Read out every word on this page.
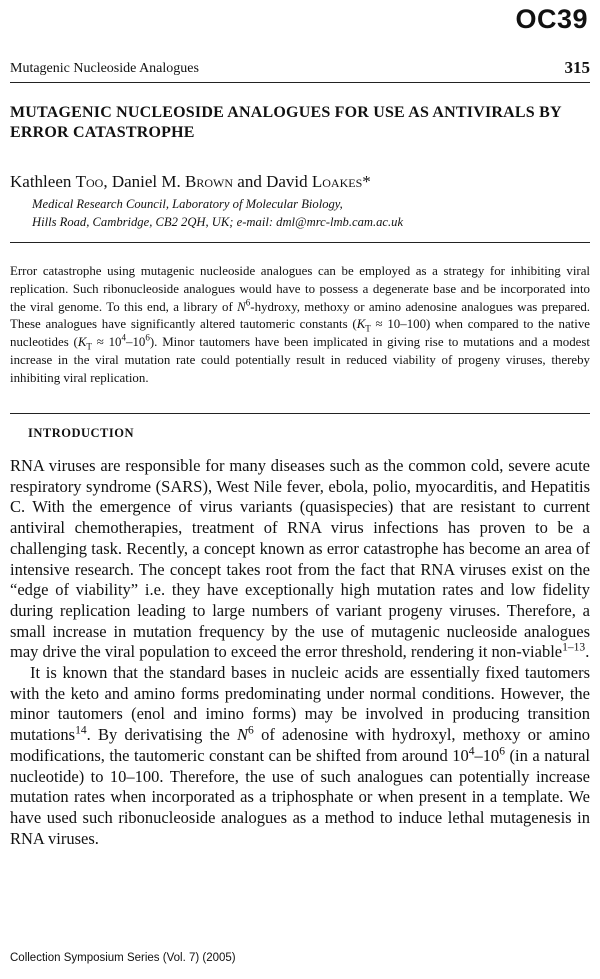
OC39
Mutagenic Nucleoside Analogues	315
MUTAGENIC NUCLEOSIDE ANALOGUES FOR USE AS ANTIVIRALS BY ERROR CATASTROPHE
Kathleen Too, Daniel M. Brown and David Loakes*
Medical Research Council, Laboratory of Molecular Biology,
Hills Road, Cambridge, CB2 2QH, UK; e-mail: dml@mrc-lmb.cam.ac.uk

Error catastrophe using mutagenic nucleoside analogues can be employed as a strategy for inhibiting viral replication. Such ribonucleoside analogues would have to possess a degenerate base and be incorporated into the viral genome. To this end, a library of $N^6$-hydroxy, methoxy or amino adenosine analogues was prepared. These analogues have significantly altered tautomeric constants $(K_T \approx 10-100)$ when compared to the native nucleotides $(K_T \approx 10^4-10^6)$. Minor tautomers have been implicated in giving rise to mutations and a modest increase in the viral mutation rate could potentially result in reduced viability of progeny viruses, thereby inhibiting viral replication.

INTRODUCTION

RNA viruses are responsible for many diseases such as the common cold, severe acute respiratory syndrome (SARS), West Nile fever, ebola, polio, myocarditis, and Hepatitis C. With the emergence of virus variants (quasispecies) that are resistant to current antiviral chemotherapies, treatment of RNA virus infections has proven to be a challenging task. Recently, a concept known as error catastrophe has become an area of intensive research. The concept takes root from the fact that RNA viruses exist on the “edge of viability” i.e. they have exceptionally high mutation rates and low fidelity during replication leading to large numbers of variant progeny viruses. Therefore, a small increase in mutation frequency by the use of mutagenic nucleoside analogues may drive the viral population to exceed the error threshold, rendering it non-viable$^{1-13}$.

It is known that the standard bases in nucleic acids are essentially fixed tautomers with the keto and amino forms predominating under normal conditions. However, the minor tautomers (enol and imino forms) may be involved in producing transition mutations$^{14}$. By derivatising the $N^6$ of adenosine with hydroxyl, methoxy or amino modifications, the tautomeric constant can be shifted from around $10^4-10^6$ (in a natural nucleotide) to 10–100. Therefore, the use of such analogues can potentially increase mutation rates when incorporated as a triphosphate or when present in a template. We have used such ribonucleoside analogues as a method to induce lethal mutagenesis in RNA viruses.

Collection Symposium Series (Vol. 7) (2005)
